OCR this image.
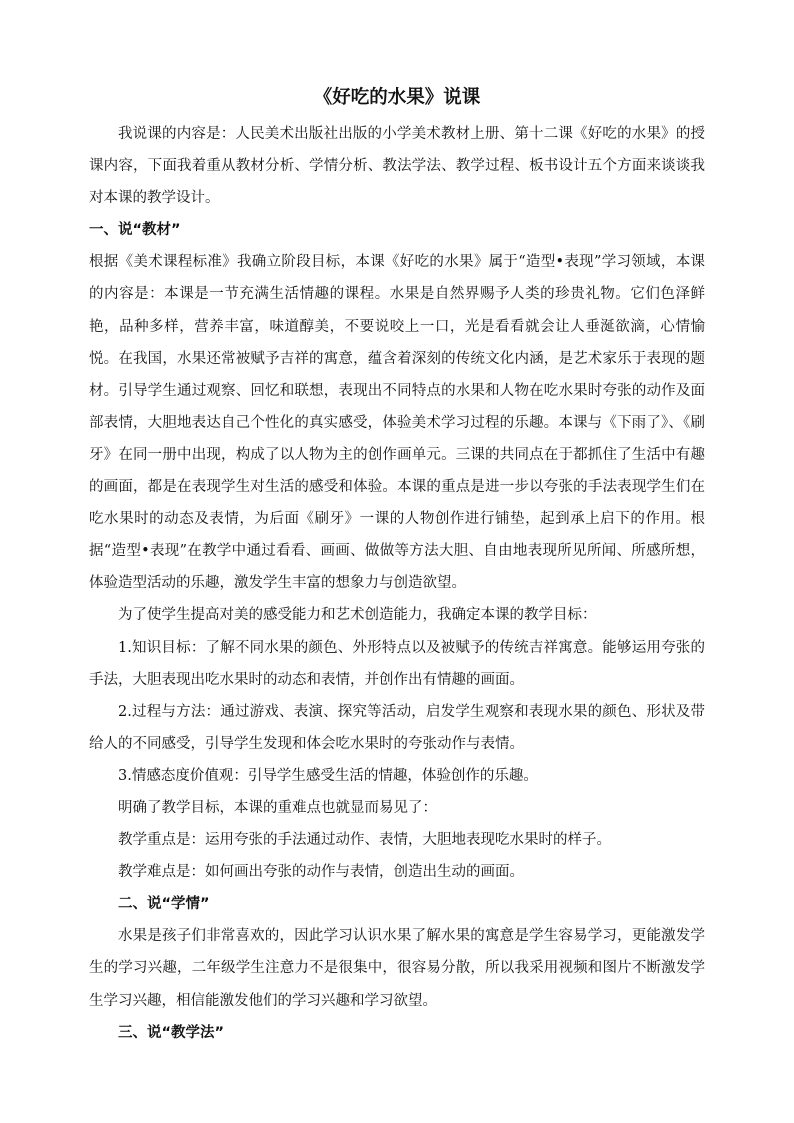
《好吃的水果》说课

我说课的内容是：人民美术出版社出版的小学美术教材上册、第十二课《好吃的水果》的授课内容，下面我着重从教材分析、学情分析、教法学法、教学过程、板书设计五个方面来谈谈我对本课的教学设计。

一、说“教材”

根据《美术课程标准》我确立阶段目标，本课《好吃的水果》属于“造型•表现”学习领域，本课的内容是：本课是一节充满生活情趣的课程。水果是自然界赐予人类的珍贵礼物。它们色泽鲜艳，品种多样，营养丰富，味道醇美，不要说咬上一口，光是看看就会让人垂涎欲滴，心情愉悦。在我国，水果还常被赋予吉祥的寓意，蕴含着深刻的传统文化内涵，是艺术家乐于表现的题材。引导学生通过观察、回忆和联想，表现出不同特点的水果和人物在吃水果时夸张的动作及面部表情，大胆地表达自己个性化的真实感受，体验美术学习过程的乐趣。本课与《下雨了》、《刷牙》在同一册中出现，构成了以人物为主的创作画单元。三课的共同点在于都抓住了生活中有趣的画面，都是在表现学生对生活的感受和体验。本课的重点是进一步以夸张的手法表现学生们在吃水果时的动态及表情，为后面《刷牙》一课的人物创作进行铺垫，起到承上启下的作用。根据“造型•表现”在教学中通过看看、画画、做做等方法大胆、自由地表现所见所闻、所感所想，体验造型活动的乐趣，激发学生丰富的想象力与创造欲望。

为了使学生提高对美的感受能力和艺术创造能力，我确定本课的教学目标：

1.知识目标：了解不同水果的颜色、外形特点以及被赋予的传统吉祥寓意。能够运用夸张的手法，大胆表现出吃水果时的动态和表情，并创作出有情趣的画面。

2.过程与方法：通过游戏、表演、探究等活动，启发学生观察和表现水果的颜色、形状及带给人的不同感受，引导学生发现和体会吃水果时的夸张动作与表情。

3.情感态度价值观：引导学生感受生活的情趣，体验创作的乐趣。

明确了教学目标，本课的重难点也就显而易见了：

教学重点是：运用夸张的手法通过动作、表情，大胆地表现吃水果时的样子。

教学难点是：如何画出夸张的动作与表情，创造出生动的画面。

二、说“学情”

水果是孩子们非常喜欢的，因此学习认识水果了解水果的寓意是学生容易学习，更能激发学生的学习兴趣，二年级学生注意力不是很集中，很容易分散，所以我采用视频和图片不断激发学生学习兴趣，相信能激发他们的学习兴趣和学习欲望。

三、说“教学法”
